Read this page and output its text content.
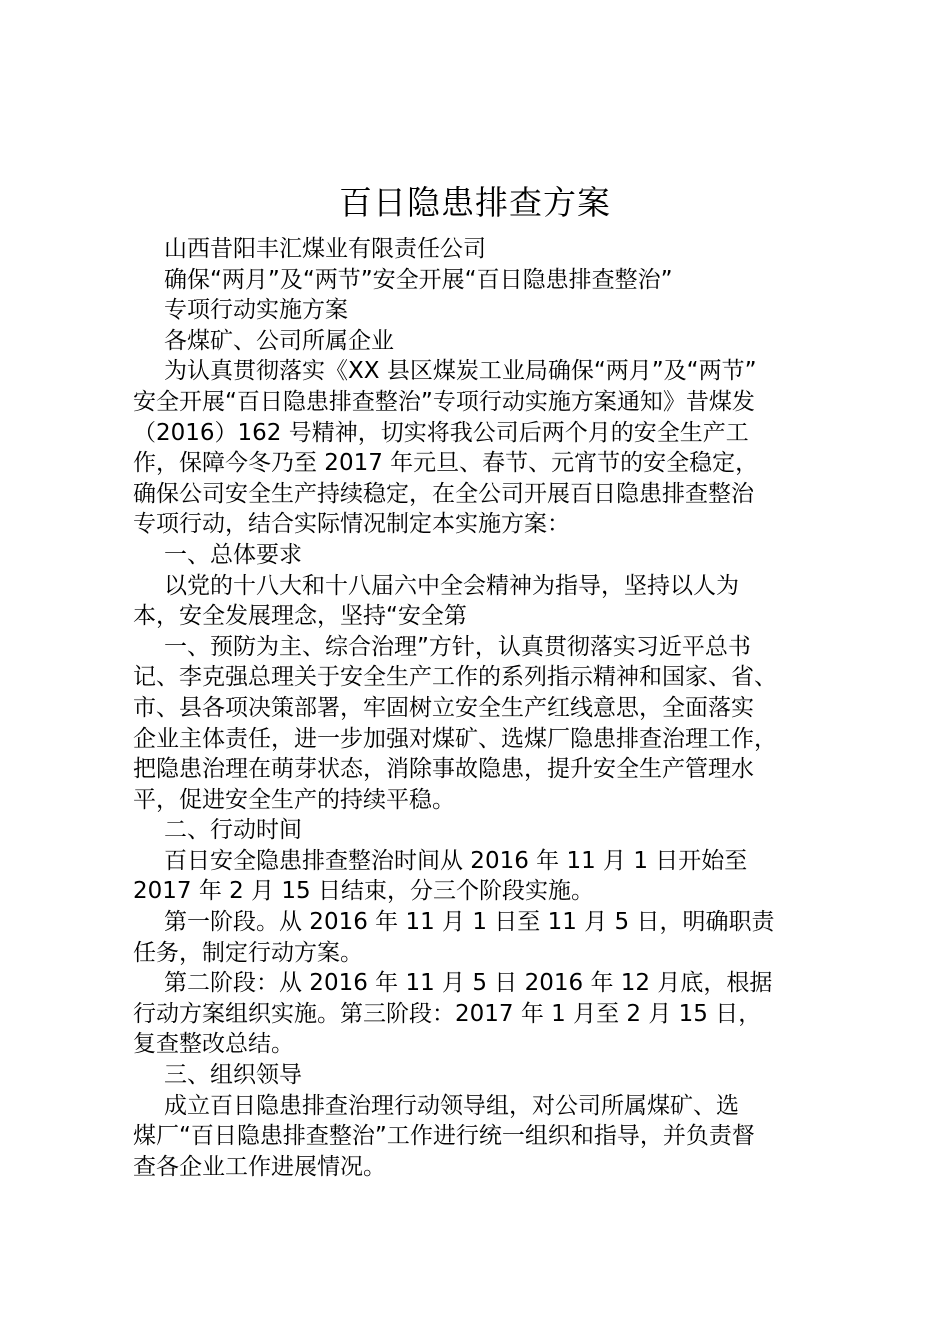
百日隐患排查方案
山西昔阳丰汇煤业有限责任公司
确保“两月”及“两节”安全开展“百日隐患排查整治”
专项行动实施方案
各煤矿、公司所属企业
为认真贯彻落实《XX 县区煤炭工业局确保“两月”及“两节”
安全开展“百日隐患排查整治”专项行动实施方案通知》昔煤发
（2016）162 号精神，切实将我公司后两个月的安全生产工
作，保障今冬乃至 2017 年元旦、春节、元宵节的安全稳定，
确保公司安全生产持续稳定，在全公司开展百日隐患排查整治
专项行动，结合实际情况制定本实施方案：
一、总体要求
以党的十八大和十八届六中全会精神为指导，坚持以人为
本，安全发展理念，坚持“安全第
一、预防为主、综合治理”方针，认真贯彻落实习近平总书
记、李克强总理关于安全生产工作的系列指示精神和国家、省、
市、县各项决策部署，牢固树立安全生产红线意思，全面落实
企业主体责任，进一步加强对煤矿、选煤厂隐患排查治理工作，
把隐患治理在萌芽状态，消除事故隐患，提升安全生产管理水
平，促进安全生产的持续平稳。
二、行动时间
百日安全隐患排查整治时间从 2016 年 11 月 1 日开始至
2017 年 2 月 15 日结束，分三个阶段实施。
第一阶段。从 2016 年 11 月 1 日至 11 月 5 日，明确职责
任务，制定行动方案。
第二阶段：从 2016 年 11 月 5 日 2016 年 12 月底，根据
行动方案组织实施。第三阶段：2017 年 1 月至 2 月 15 日，
复查整改总结。
三、组织领导
成立百日隐患排查治理行动领导组，对公司所属煤矿、选
煤厂“百日隐患排查整治”工作进行统一组织和指导，并负责督
查各企业工作进展情况。
